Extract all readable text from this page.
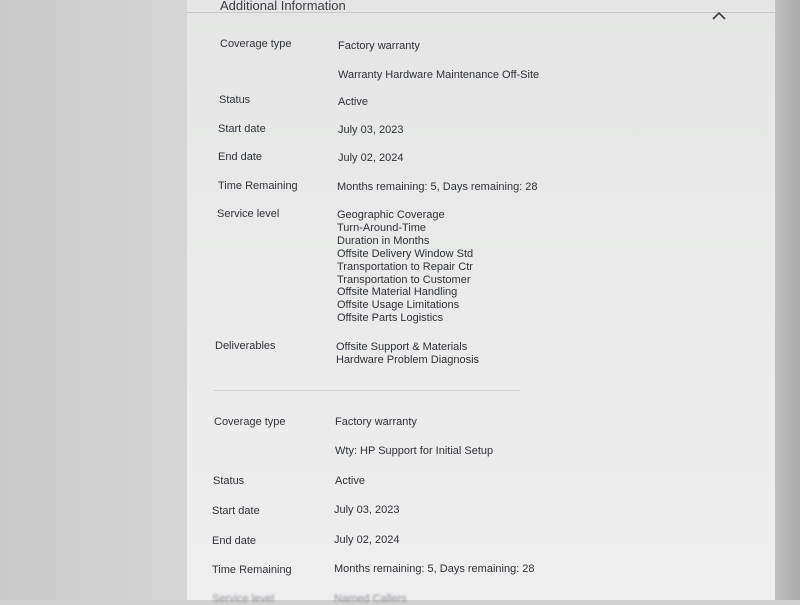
Additional Information
Coverage type	Factory warranty
Warranty Hardware Maintenance Off-Site
Status	Active
Start date	July 03, 2023
End date	July 02, 2024
Time Remaining	Months remaining: 5, Days remaining: 28
Service level	Geographic Coverage
Turn-Around-Time
Duration in Months
Offsite Delivery Window Std
Transportation to Repair Ctr
Transportation to Customer
Offsite Material Handling
Offsite Usage Limitations
Offsite Parts Logistics
Deliverables	Offsite Support & Materials
Hardware Problem Diagnosis
Coverage type	Factory warranty
Wty: HP Support for Initial Setup
Status	Active
Start date	July 03, 2023
End date	July 02, 2024
Time Remaining	Months remaining: 5, Days remaining: 28
Service level	Named Callers
